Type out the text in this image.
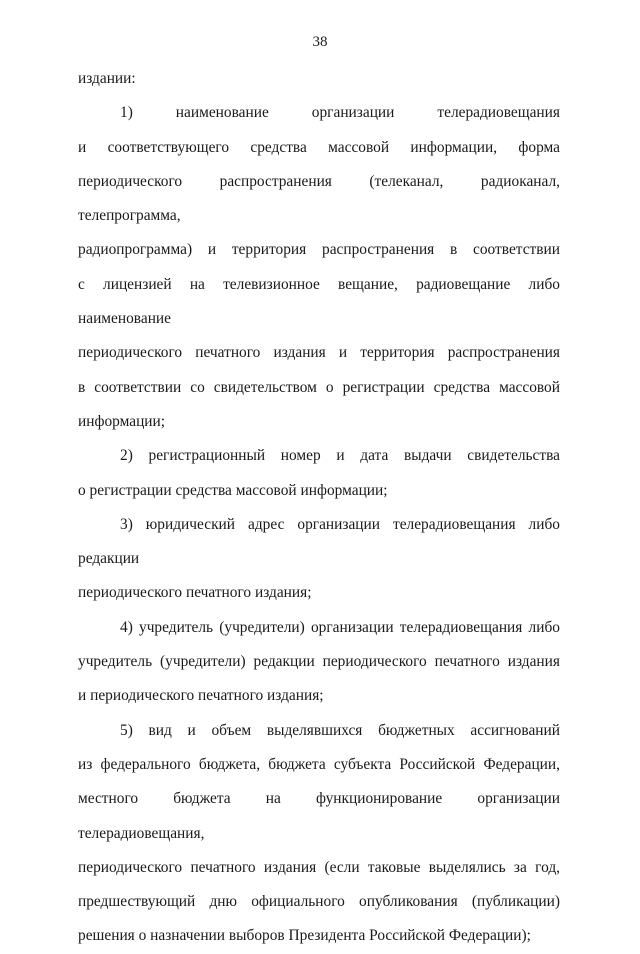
38
издании:
1) наименование организации телерадиовещания
и соответствующего средства массовой информации, форма
периодического распространения (телеканал, радиоканал, телепрограмма,
радиопрограмма) и территория распространения в соответствии
с лицензией на телевизионное вещание, радиовещание либо наименование
периодического печатного издания и территория распространения
в соответствии со свидетельством о регистрации средства массовой
информации;
2) регистрационный номер и дата выдачи свидетельства
о регистрации средства массовой информации;
3) юридический адрес организации телерадиовещания либо редакции
периодического печатного издания;
4) учредитель (учредители) организации телерадиовещания либо
учредитель (учредители) редакции периодического печатного издания
и периодического печатного издания;
5) вид и объем выделявшихся бюджетных ассигнований
из федерального бюджета, бюджета субъекта Российской Федерации,
местного бюджета на функционирование организации телерадиовещания,
периодического печатного издания (если таковые выделялись за год,
предшествующий дню официального опубликования (публикации)
решения о назначении выборов Президента Российской Федерации);
